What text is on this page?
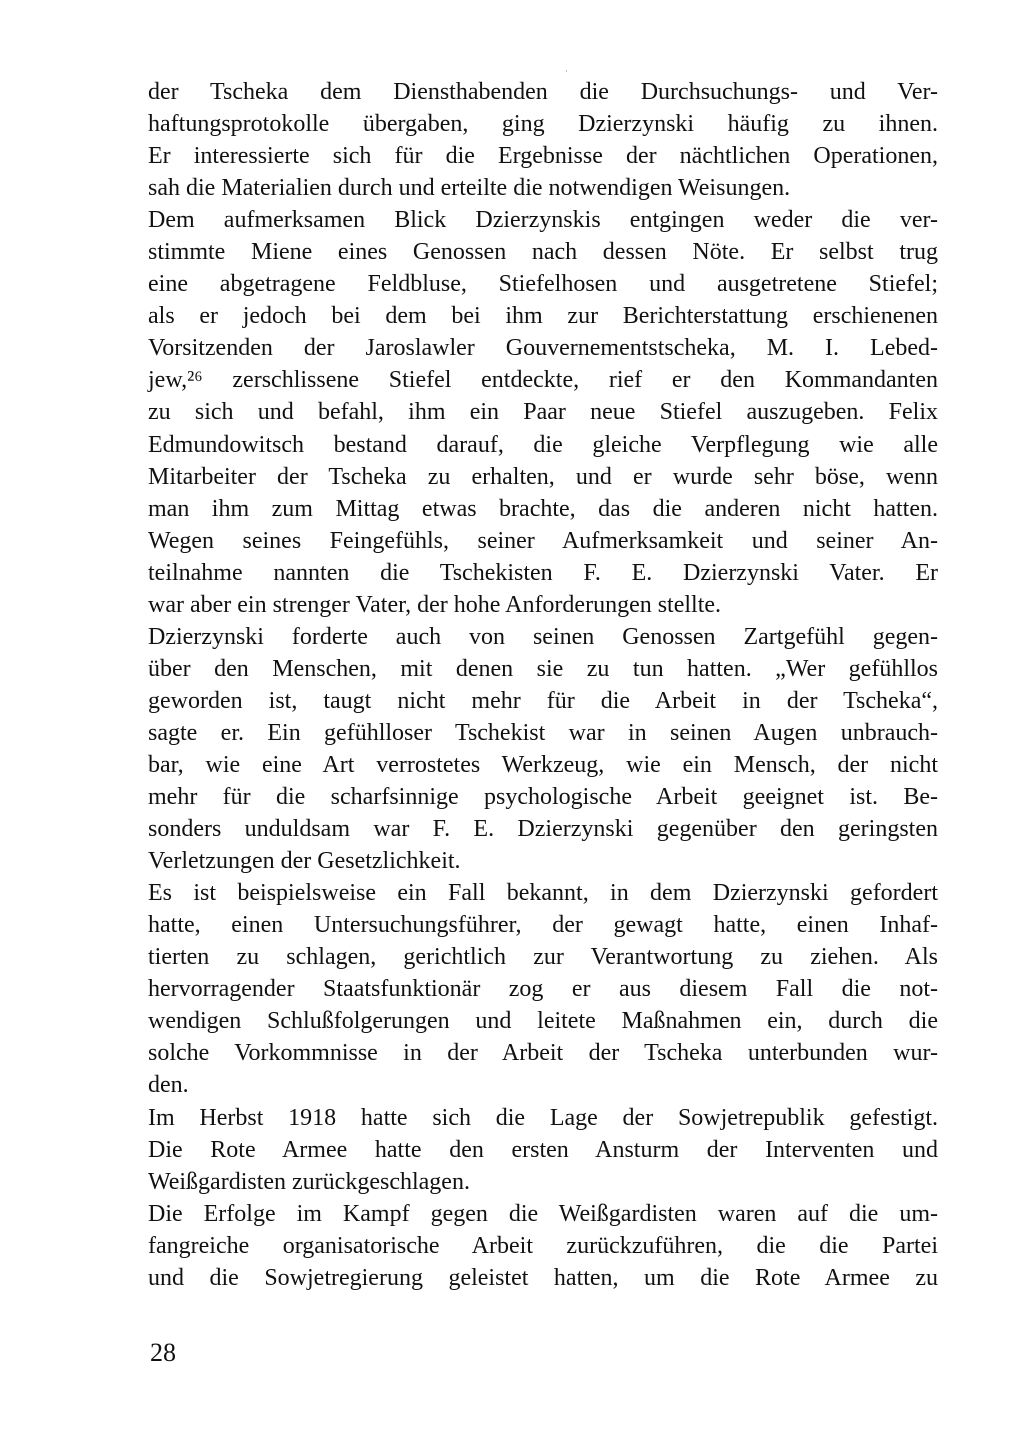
der Tscheka dem Diensthabenden die Durchsuchungs- und Ver-
haftungsprotokolle übergaben, ging Dzierzynski häufig zu ihnen.
Er interessierte sich für die Ergebnisse der nächtlichen Operationen,
sah die Materialien durch und erteilte die notwendigen Weisungen.
Dem aufmerksamen Blick Dzierzynskis entgingen weder die ver-
stimmte Miene eines Genossen nach dessen Nöte. Er selbst trug
eine abgetragene Feldbluse, Stiefelhosen und ausgetretene Stiefel;
als er jedoch bei dem bei ihm zur Berichterstattung erschienenen
Vorsitzenden der Jaroslawler Gouvernementstscheka, M. I. Lebed-
jew,²⁶ zerschlissene Stiefel entdeckte, rief er den Kommandanten
zu sich und befahl, ihm ein Paar neue Stiefel auszugeben. Felix
Edmundowitsch bestand darauf, die gleiche Verpflegung wie alle
Mitarbeiter der Tscheka zu erhalten, und er wurde sehr böse, wenn
man ihm zum Mittag etwas brachte, das die anderen nicht hatten.
Wegen seines Feingefühls, seiner Aufmerksamkeit und seiner An-
teilnahme nannten die Tschekisten F. E. Dzierzynski Vater. Er
war aber ein strenger Vater, der hohe Anforderungen stellte.
Dzierzynski forderte auch von seinen Genossen Zartgefühl gegen-
über den Menschen, mit denen sie zu tun hatten. „Wer gefühllos
geworden ist, taugt nicht mehr für die Arbeit in der Tscheka“,
sagte er. Ein gefühlloser Tschekist war in seinen Augen unbrauch-
bar, wie eine Art verrostetes Werkzeug, wie ein Mensch, der nicht
mehr für die scharfsinnige psychologische Arbeit geeignet ist. Be-
sonders unduldsam war F. E. Dzierzynski gegenüber den geringsten
Verletzungen der Gesetzlichkeit.
Es ist beispielsweise ein Fall bekannt, in dem Dzierzynski gefordert
hatte, einen Untersuchungsführer, der gewagt hatte, einen Inhaf-
tierten zu schlagen, gerichtlich zur Verantwortung zu ziehen. Als
hervorragender Staatsfunktionär zog er aus diesem Fall die not-
wendigen Schlußfolgerungen und leitete Maßnahmen ein, durch die
solche Vorkommnisse in der Arbeit der Tscheka unterbunden wur-
den.
Im Herbst 1918 hatte sich die Lage der Sowjetrepublik gefestigt.
Die Rote Armee hatte den ersten Ansturm der Interventen und
Weißgardisten zurückgeschlagen.
Die Erfolge im Kampf gegen die Weißgardisten waren auf die um-
fangreiche organisatorische Arbeit zurückzuführen, die die Partei
und die Sowjetregierung geleistet hatten, um die Rote Armee zu
28
